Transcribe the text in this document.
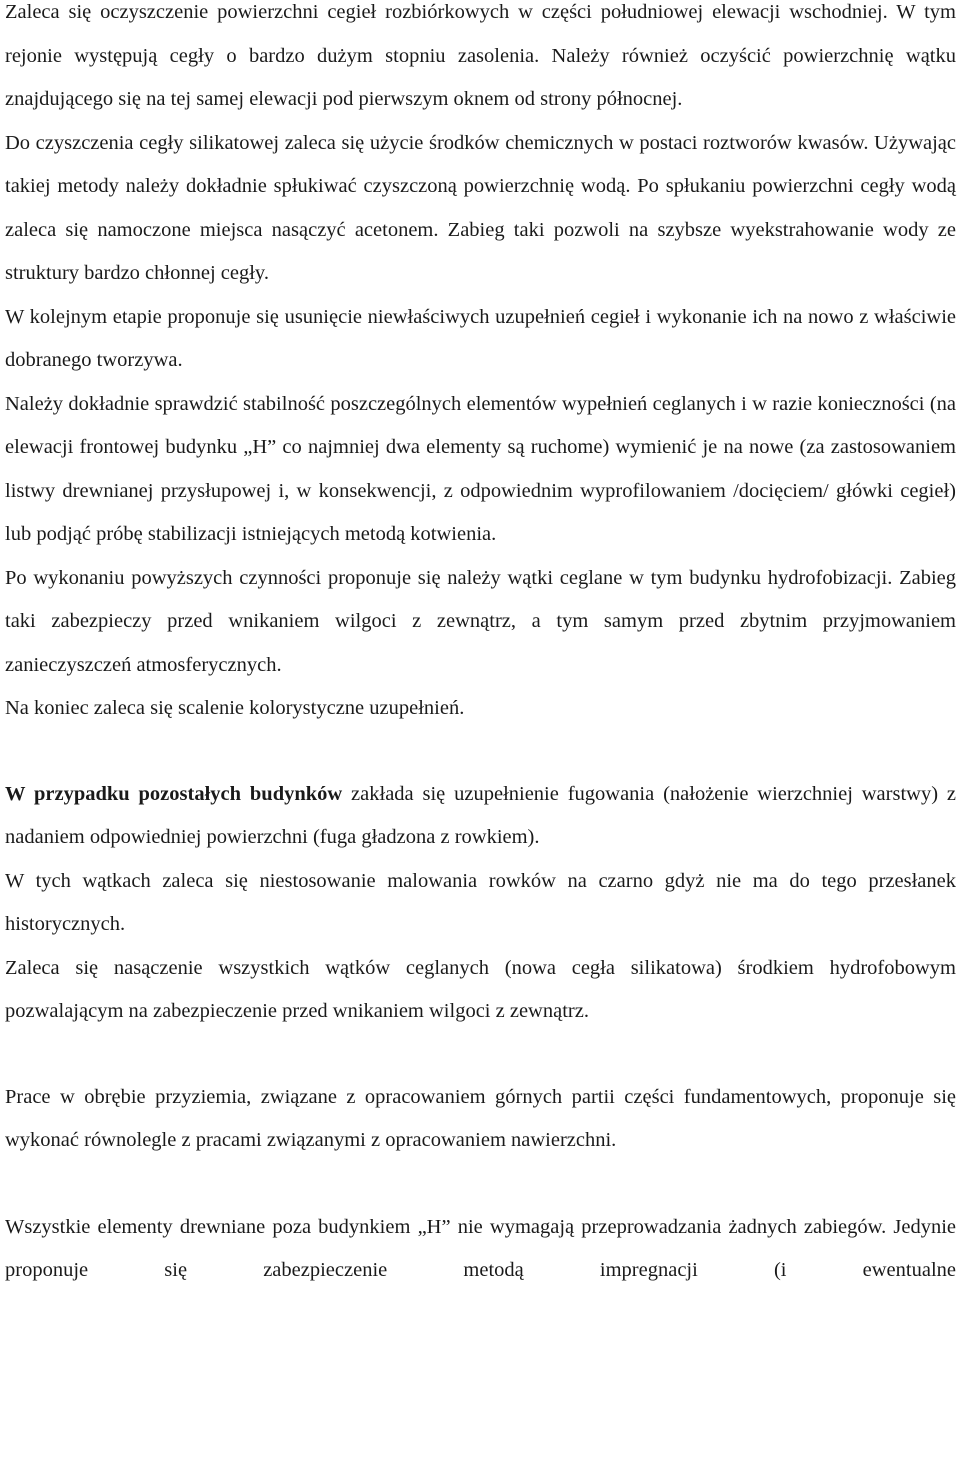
Zaleca się oczyszczenie powierzchni cegieł rozbiórkowych w części południowej elewacji wschodniej. W tym rejonie występują cegły o bardzo dużym stopniu zasolenia. Należy również oczyścić powierzchnię wątku znajdującego się na tej samej elewacji pod pierwszym oknem od strony północnej.

Do czyszczenia cegły silikatowej zaleca się użycie środków chemicznych w postaci roztworów kwasów. Używając takiej metody należy dokładnie spłukiwać czyszczoną powierzchnię wodą. Po spłukaniu powierzchni cegły wodą zaleca się namoczone miejsca nasączyć acetonem. Zabieg taki pozwoli na szybsze wyekstrahowanie wody ze struktury bardzo chłonnej cegły.

W kolejnym etapie proponuje się usunięcie niewłaściwych uzupełnień cegieł i wykonanie ich na nowo z właściwie dobranego tworzywa.

Należy dokładnie sprawdzić stabilność poszczególnych elementów wypełnień ceglanych i w razie konieczności (na elewacji frontowej budynku „H” co najmniej dwa elementy są ruchome) wymienić je na nowe (za zastosowaniem listwy drewnianej przysłupowej i, w konsekwencji, z odpowiednim wyprofilowaniem /docięciem/ główki cegieł) lub podjąć próbę stabilizacji istniejących metodą kotwienia.

Po wykonaniu powyższych czynności proponuje się należy wątki ceglane w tym budynku hydrofobizacji. Zabieg taki zabezpieczy przed wnikaniem wilgoci z zewnątrz, a tym samym przed zbytnim przyjmowaniem zanieczyszczeń atmosferycznych.

Na koniec zaleca się scalenie kolorystyczne uzupełnień.

W przypadku pozostałych budynków zakłada się uzupełnienie fugowania (nałożenie wierzchniej warstwy) z nadaniem odpowiedniej powierzchni (fuga gładzona z rowkiem).

W tych wątkach zaleca się niestosowanie malowania rowków na czarno gdyż nie ma do tego przesłanek historycznych.

Zaleca się nasączenie wszystkich wątków ceglanych (nowa cegła silikatowa) środkiem hydrofobowym pozwalającym na zabezpieczenie przed wnikaniem wilgoci z zewnątrz.

Prace w obrębie przyziemia, związane z opracowaniem górnych partii części fundamentowych, proponuje się wykonać równolegle z pracami związanymi z opracowaniem nawierzchni.

Wszystkie elementy drewniane poza budynkiem „H” nie wymagają przeprowadzania żadnych zabiegów. Jedynie proponuje się zabezpieczenie metodą impregnacji (i ewentualne
